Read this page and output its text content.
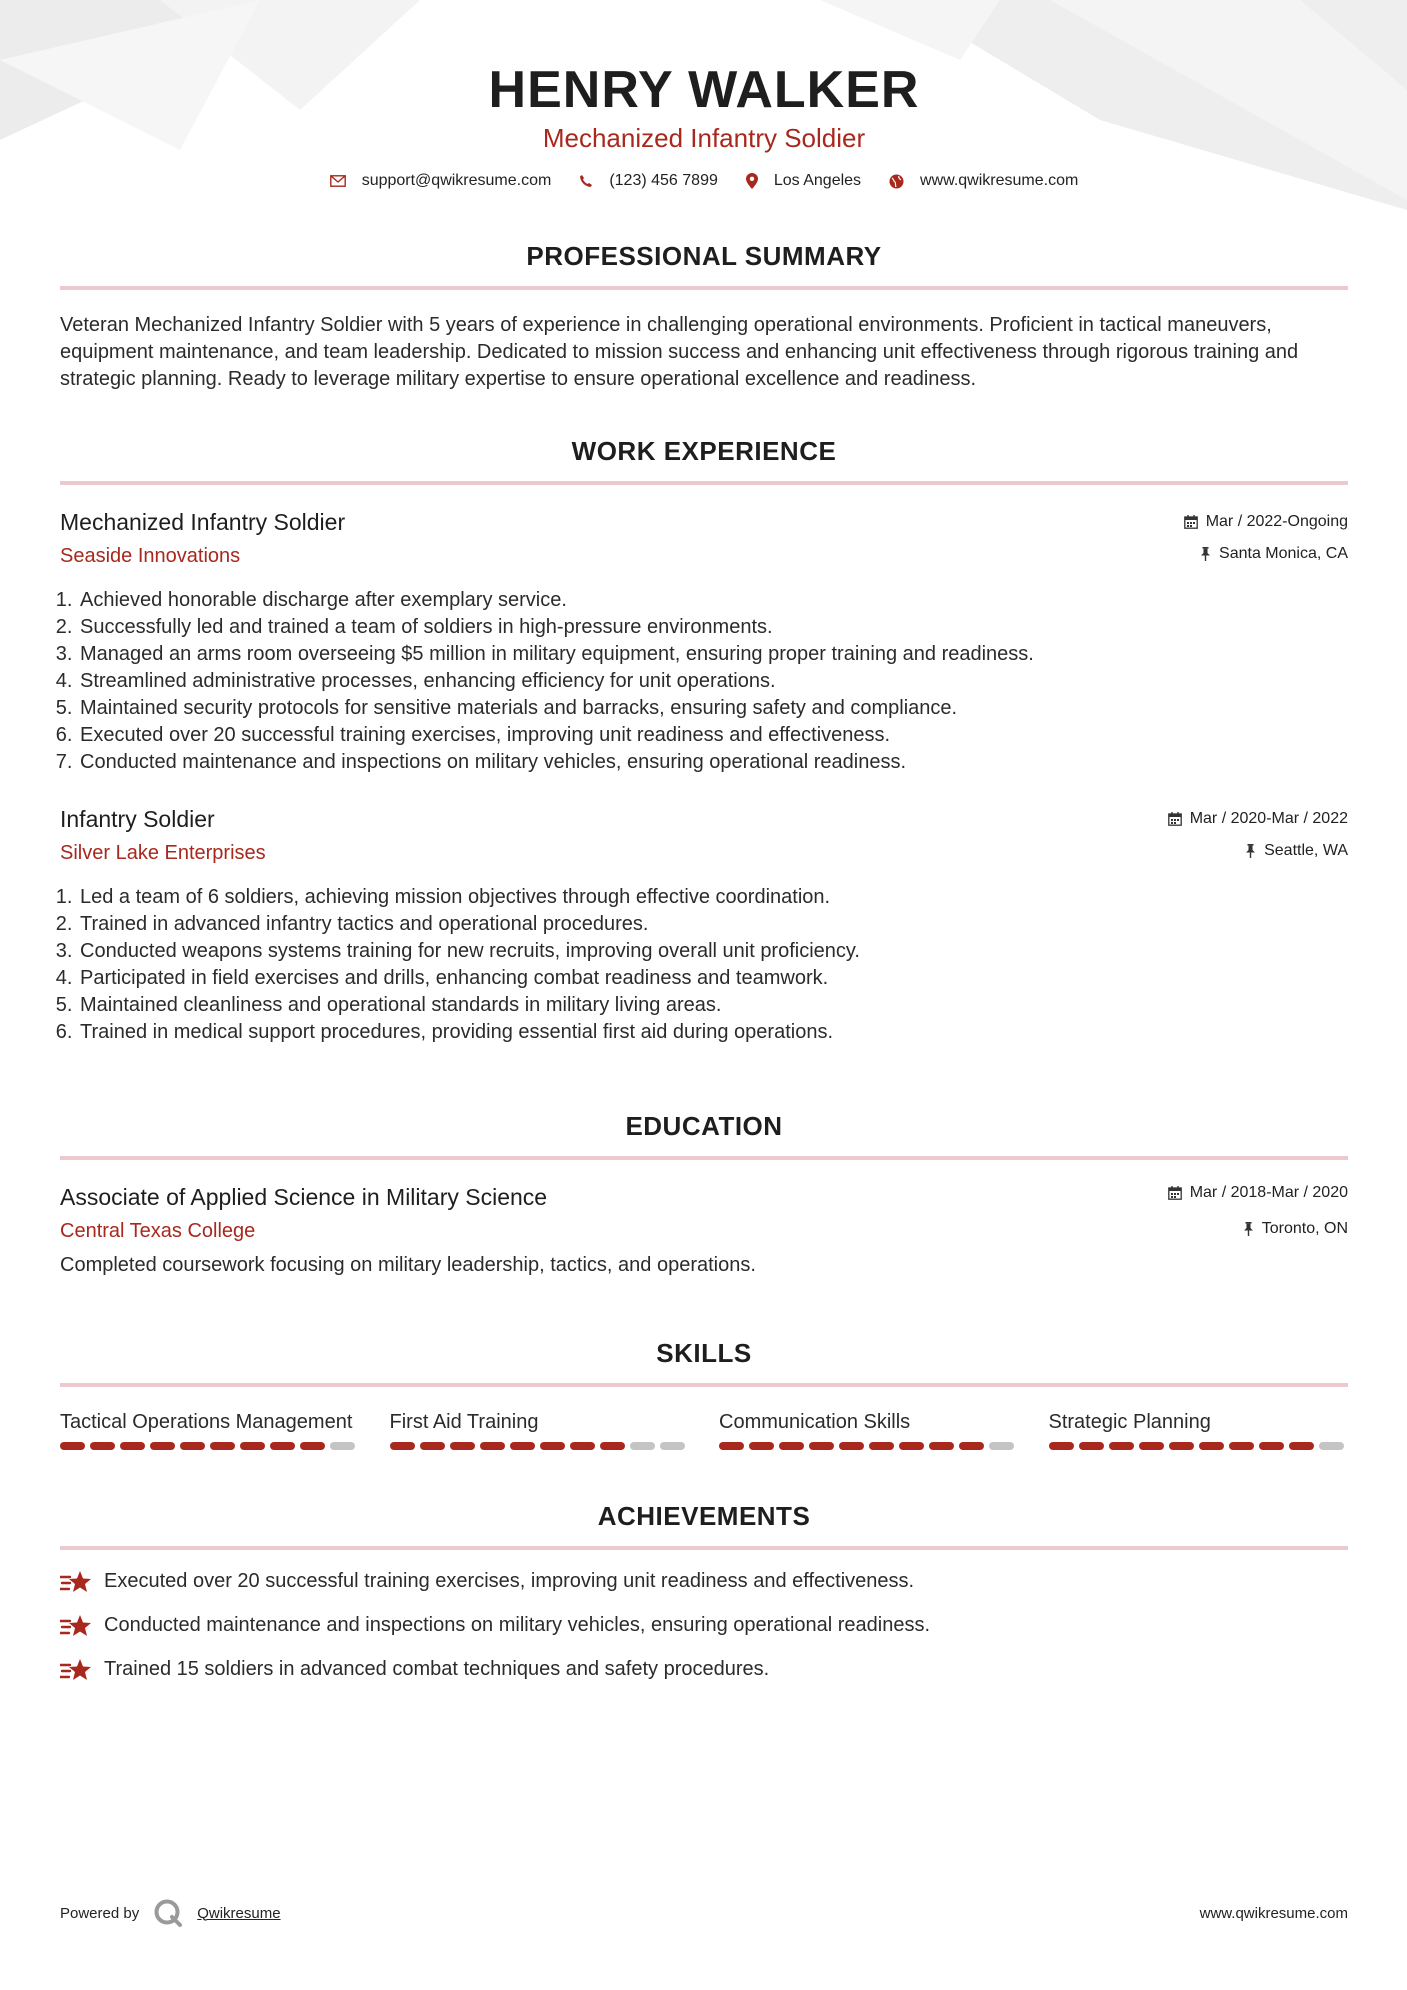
HENRY WALKER
Mechanized Infantry Soldier
support@qwikresume.com	(123) 456 7899	Los Angeles	www.qwikresume.com
PROFESSIONAL SUMMARY
Veteran Mechanized Infantry Soldier with 5 years of experience in challenging operational environments. Proficient in tactical maneuvers, equipment maintenance, and team leadership. Dedicated to mission success and enhancing unit effectiveness through rigorous training and strategic planning. Ready to leverage military expertise to ensure operational excellence and readiness.
WORK EXPERIENCE
Mechanized Infantry Soldier
Seaside Innovations
Mar / 2022-Ongoing
Santa Monica, CA
1. Achieved honorable discharge after exemplary service.
2. Successfully led and trained a team of soldiers in high-pressure environments.
3. Managed an arms room overseeing $5 million in military equipment, ensuring proper training and readiness.
4. Streamlined administrative processes, enhancing efficiency for unit operations.
5. Maintained security protocols for sensitive materials and barracks, ensuring safety and compliance.
6. Executed over 20 successful training exercises, improving unit readiness and effectiveness.
7. Conducted maintenance and inspections on military vehicles, ensuring operational readiness.
Infantry Soldier
Silver Lake Enterprises
Mar / 2020-Mar / 2022
Seattle, WA
1. Led a team of 6 soldiers, achieving mission objectives through effective coordination.
2. Trained in advanced infantry tactics and operational procedures.
3. Conducted weapons systems training for new recruits, improving overall unit proficiency.
4. Participated in field exercises and drills, enhancing combat readiness and teamwork.
5. Maintained cleanliness and operational standards in military living areas.
6. Trained in medical support procedures, providing essential first aid during operations.
EDUCATION
Associate of Applied Science in Military Science
Central Texas College
Mar / 2018-Mar / 2020
Toronto, ON
Completed coursework focusing on military leadership, tactics, and operations.
SKILLS
Tactical Operations Management	First Aid Training	Communication Skills	Strategic Planning
ACHIEVEMENTS
Executed over 20 successful training exercises, improving unit readiness and effectiveness.
Conducted maintenance and inspections on military vehicles, ensuring operational readiness.
Trained 15 soldiers in advanced combat techniques and safety procedures.
Powered by	Qwikresume	www.qwikresume.com
